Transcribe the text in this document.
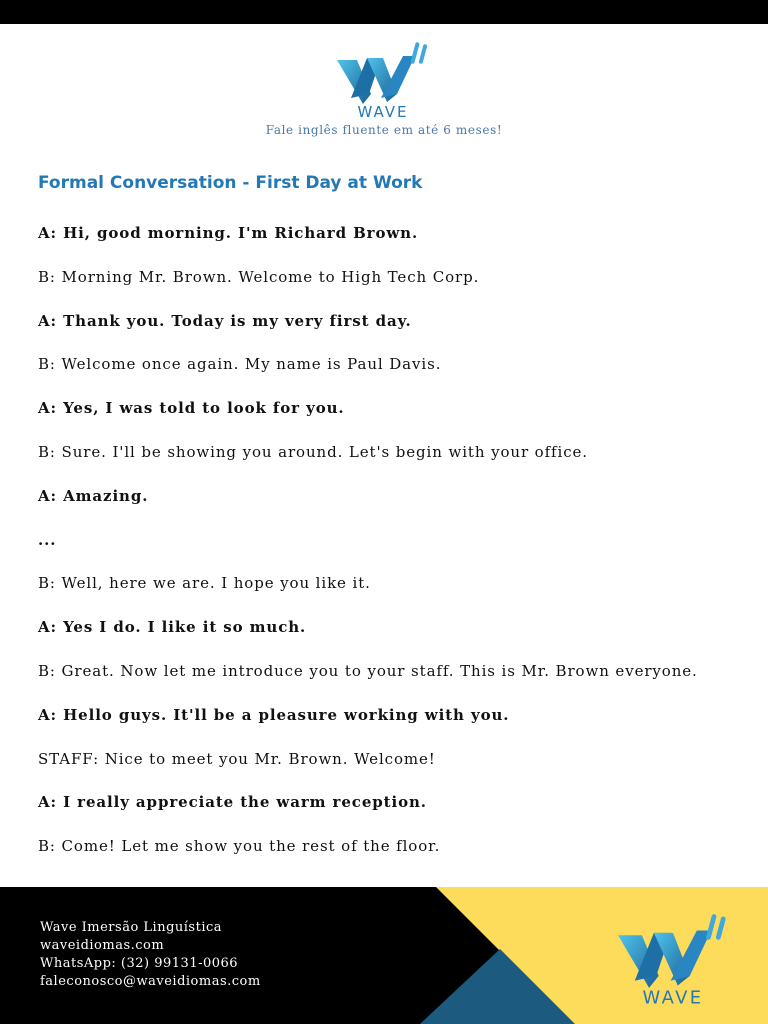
WAVE
Fale inglês fluente em até 6 meses!
Formal Conversation - First Day at Work
A: Hi, good morning. I'm Richard Brown.
B: Morning Mr. Brown. Welcome to High Tech Corp.
A: Thank you. Today is my very first day.
B: Welcome once again. My name is Paul Davis.
A: Yes, I was told to look for you.
B: Sure. I'll be showing you around. Let's begin with your office.
A: Amazing.
...
B: Well, here we are. I hope you like it.
A: Yes I do. I like it so much.
B: Great. Now let me introduce you to your staff. This is Mr. Brown everyone.
A: Hello guys. It'll be a pleasure working with you.
STAFF: Nice to meet you Mr. Brown. Welcome!
A: I really appreciate the warm reception.
B: Come! Let me show you the rest of the floor.
Wave Imersão Linguística
waveidiomas.com
WhatsApp: (32) 99131-0066
faleconosco@waveidiomas.com
WAVE
